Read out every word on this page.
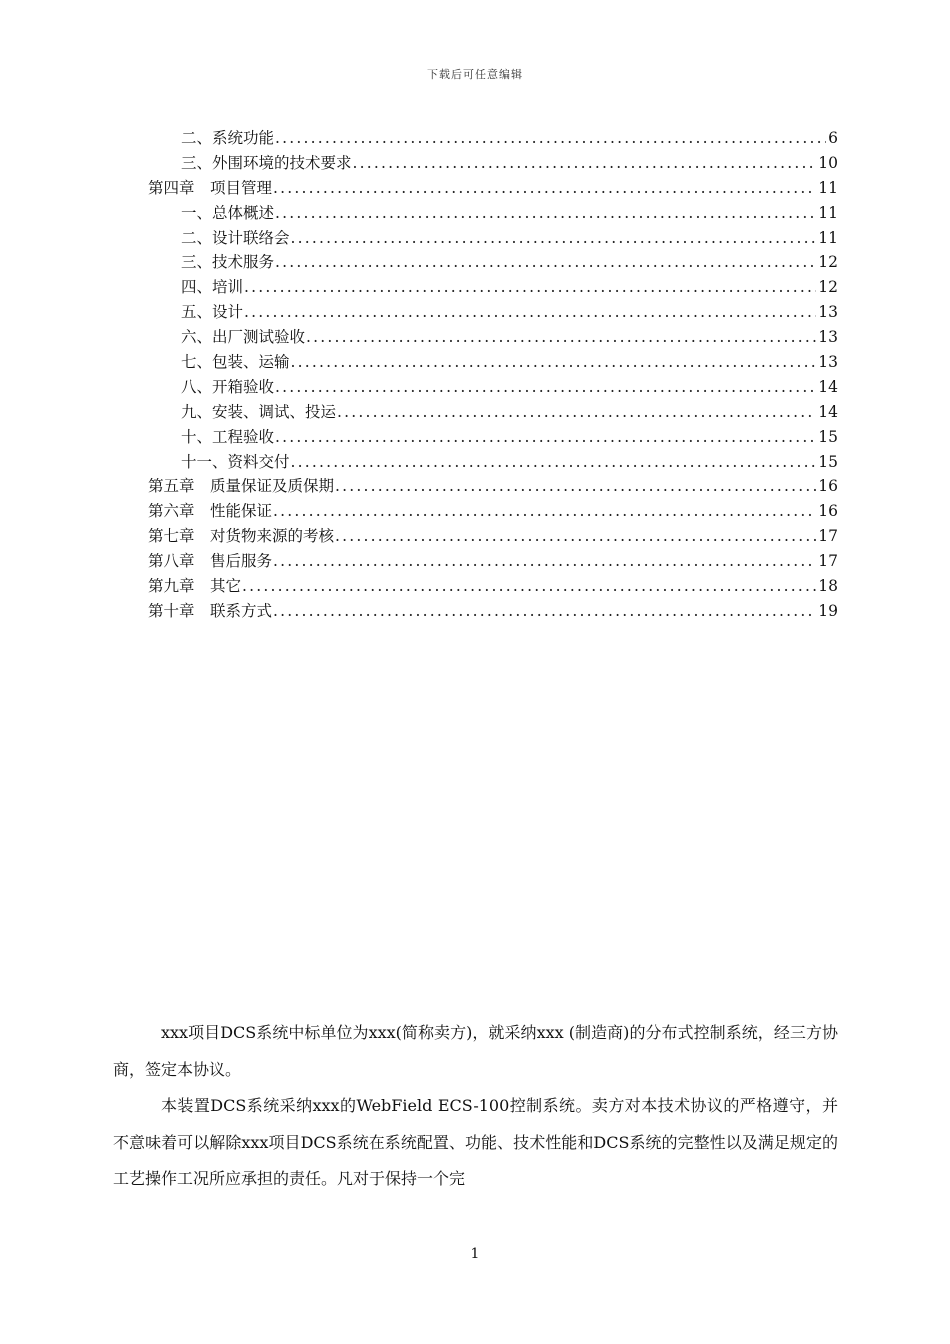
下载后可任意编辑
二、系统功能 .....	6
三、外围环境的技术要求 .....	10
第四章　项目管理 .....	11
一、总体概述 .....	11
二、设计联络会 .....	11
三、技术服务 .....	12
四、培训 .....	12
五、设计 .....	13
六、出厂测试验收 .....	13
七、包装、运输 .....	13
八、开箱验收 .....	14
九、安装、调试、投运 .....	14
十、工程验收 .....	15
十一、资料交付 .....	15
第五章　质量保证及质保期 .....	16
第六章　性能保证 .....	16
第七章　对货物来源的考核 .....	17
第八章　售后服务 .....	17
第九章　其它 .....	18
第十章　联系方式 .....	19

xxx项目DCS系统中标单位为xxx(简称卖方)，就采纳xxx (制造商)的分布式控制系统，经三方协商，签定本协议。

本装置DCS系统采纳xxx的WebField ECS-100控制系统。卖方对本技术协议的严格遵守，并不意味着可以解除xxx项目DCS系统在系统配置、功能、技术性能和DCS系统的完整性以及满足规定的工艺操作工况所应承担的责任。凡对于保持一个完

1
